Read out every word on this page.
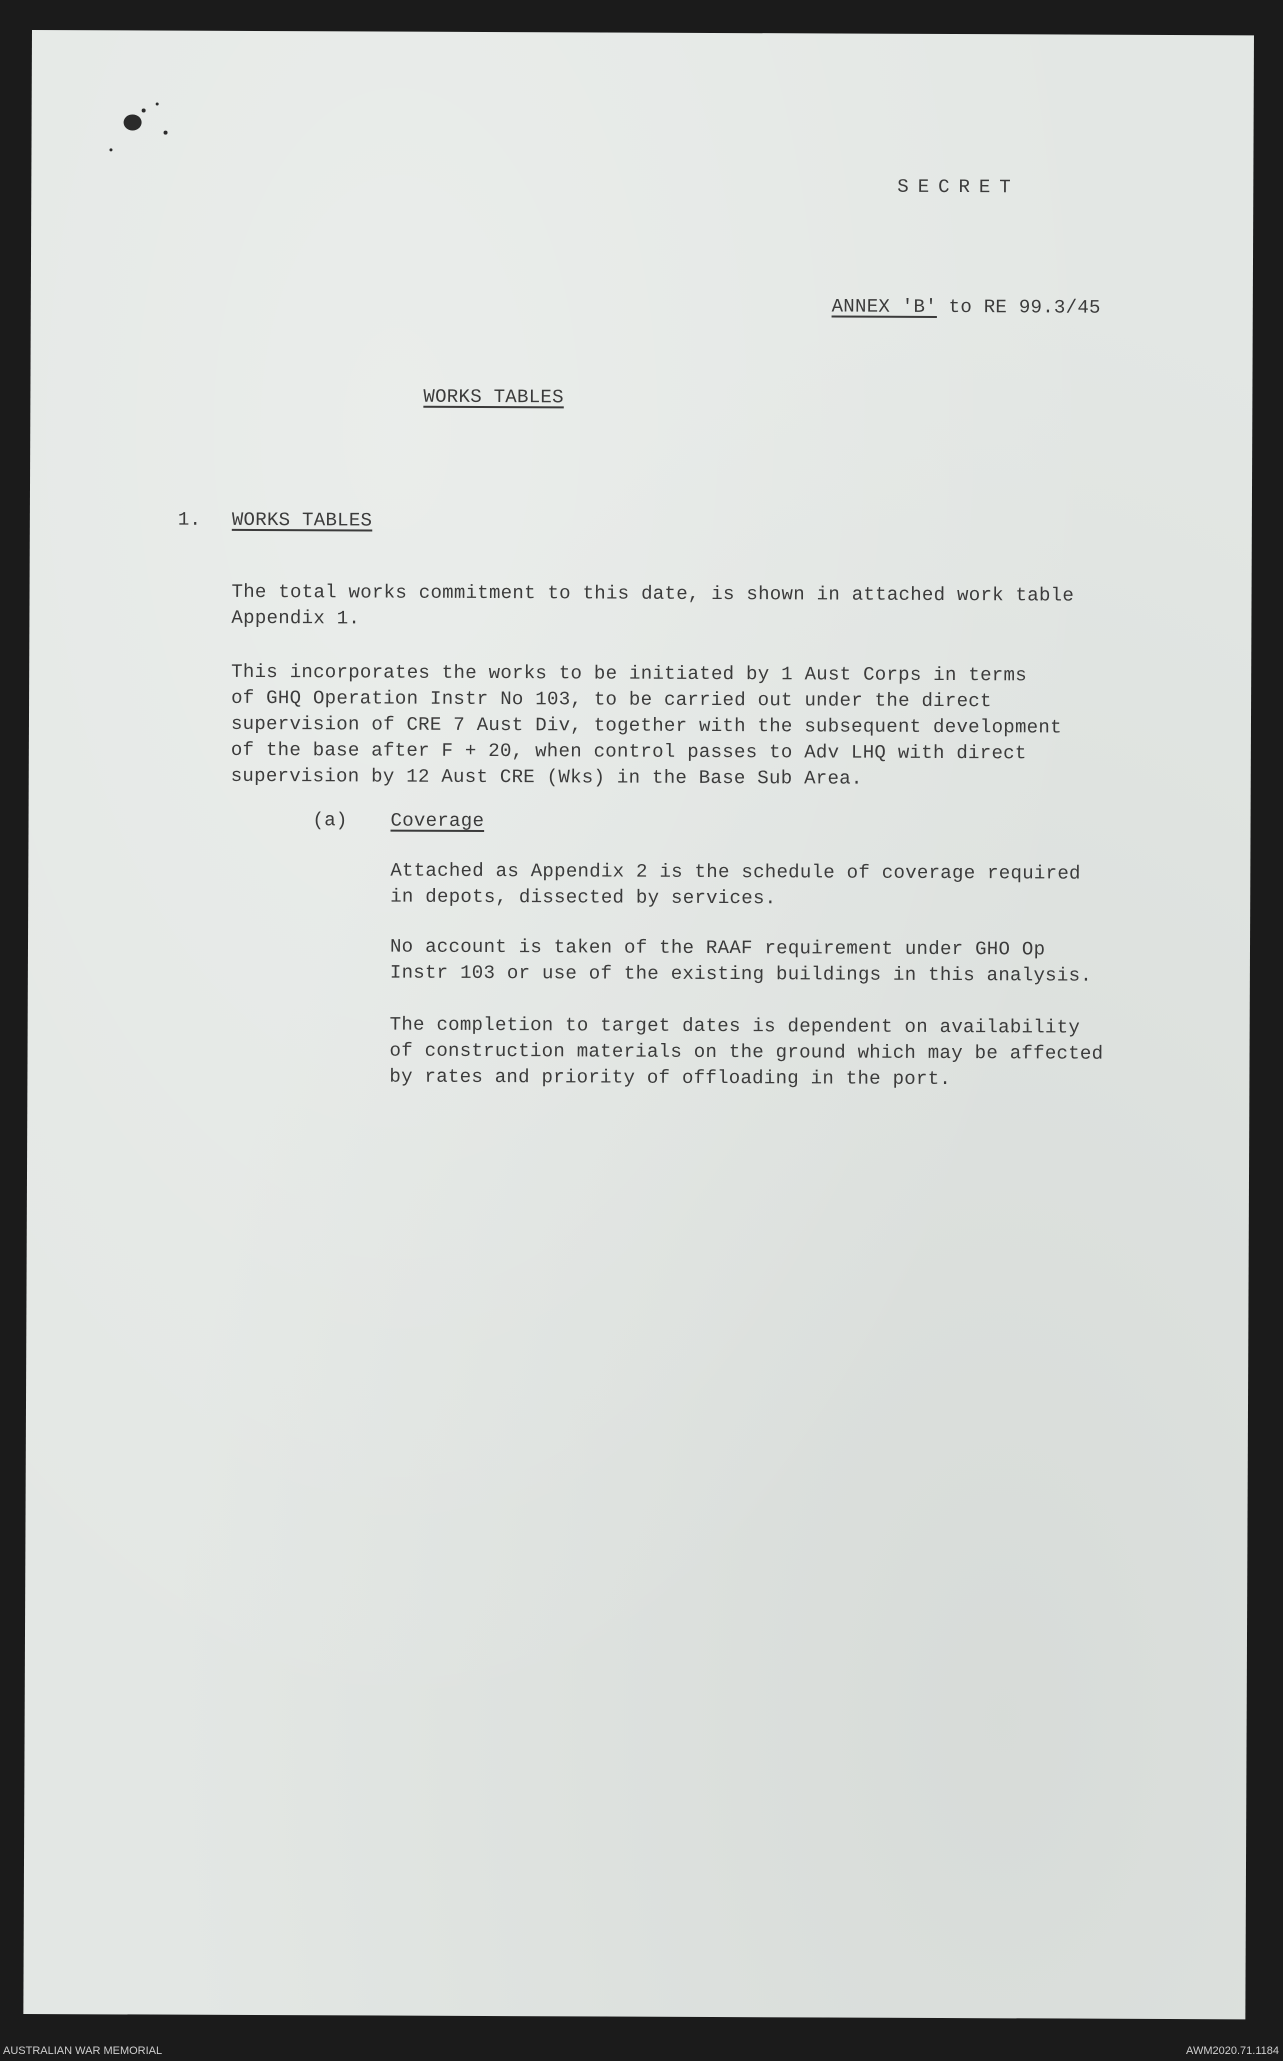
SECRET

ANNEX 'B' to RE 99.3/45

WORKS TABLES
1. WORKS TABLES
The total works commitment to this date, is shown in attached work table
Appendix 1.
This incorporates the works to be initiated by 1 Aust Corps in terms
of GHQ Operation Instr No 103, to be carried out under the direct
supervision of CRE 7 Aust Div, together with the subsequent development
of the base after F + 20, when control passes to Adv LHQ with direct
supervision by 12 Aust CRE (Wks) in the Base Sub Area.
(a) Coverage
Attached as Appendix 2 is the schedule of coverage required
in depots, dissected by services.
No account is taken of the RAAF requirement under GHO Op
Instr 103 or use of the existing buildings in this analysis.
The completion to target dates is dependent on availability
of construction materials on the ground which may be affected
by rates and priority of offloading in the port.
AUSTRALIAN WAR MEMORIAL	AWM2020.71.1184
